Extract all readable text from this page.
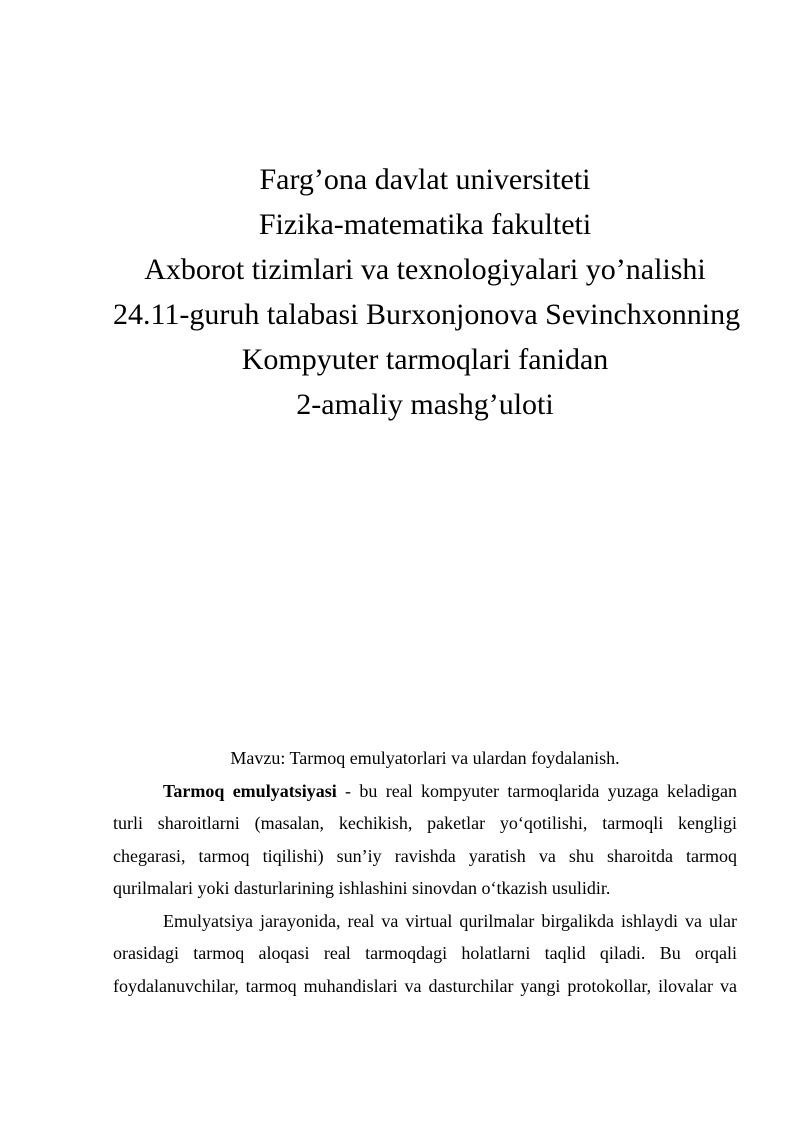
Farg’ona davlat universiteti
Fizika-matematika fakulteti
Axborot tizimlari va texnologiyalari yo’nalishi
24.11-guruh talabasi Burxonjonova Sevinchxonning
Kompyuter tarmoqlari fanidan
2-amaliy mashg’uloti
Mavzu: Tarmoq emulyatorlari va ulardan foydalanish.
Tarmoq emulyatsiyasi - bu real kompyuter tarmoqlarida yuzaga keladigan
turli sharoitlarni (masalan, kechikish, paketlar yo‘qotilishi, tarmoqli kengligi
chegarasi, tarmoq tiqilishi) sun’iy ravishda yaratish va shu sharoitda tarmoq
qurilmalari yoki dasturlarining ishlashini sinovdan o‘tkazish usulidir.
Emulyatsiya jarayonida, real va virtual qurilmalar birgalikda ishlaydi va ular
orasidagi tarmoq aloqasi real tarmoqdagi holatlarni taqlid qiladi. Bu orqali
foydalanuvchilar, tarmoq muhandislari va dasturchilar yangi protokollar, ilovalar va
